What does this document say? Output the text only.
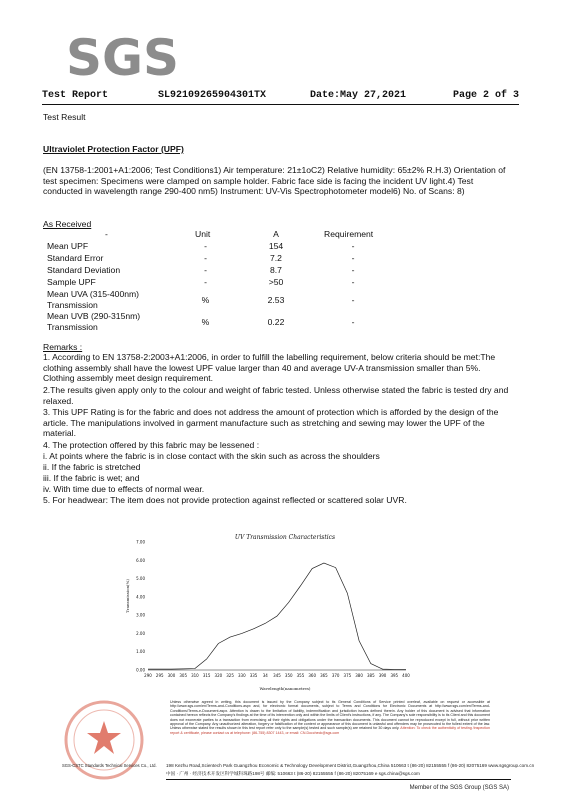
SGS
Test Report	SL92109265904301TX	Date:May 27,2021	Page 2 of 3
Test Result
Ultraviolet Protection Factor (UPF)
(EN 13758-1:2001+A1:2006; Test Conditions1) Air temperature: 21±1oC2) Relative humidity: 65±2% R.H.3) Orientation of test specimen: Specimens were clamped on sample holder. Fabric face side is facing the incident UV light.4) Test conducted in wavelength range 290-400 nm5) Instrument: UV-Vis Spectrophotometer model6) No. of Scans: 8)
As Received
-	Unit	A	Requirement
Mean UPF	-	154	-
Standard Error	-	7.2	-
Standard Deviation	-	8.7	-
Sample UPF	-	>50	-
Mean UVA (315-400nm) Transmission	%	2.53	-
Mean UVB (290-315nm) Transmission	%	0.22	-
Remarks :
1. According to EN 13758-2:2003+A1:2006, in order to fulfill the labelling requirement, below criteria should be met:The clothing assembly shall have the lowest UPF value larger than 40 and average UV-A transmission smaller than 5%. Clothing assembly meet design requirement.
2.The results given apply only to the colour and weight of fabric tested. Unless otherwise stated the fabric is tested dry and relaxed.
3. This UPF Rating is for the fabric and does not address the amount of protection which is afforded by the design of the article. The manipulations involved in garment manufacture such as stretching and sewing may lower the UPF of the material.
4. The protection offered by this fabric may be lessened :
i. At points where the fabric is in close contact with the skin such as across the shoulders
ii. If the fabric is stretched
iii. If the fabric is wet; and
iv. With time due to effects of normal wear.
5. For headwear: The item does not provide protection against reflected or scattered solar UVR.
UV Transmission Characteristics
0.00
1.00
2.00
3.00
4.00
5.00
6.00
7.00
290 295 300 305 310 315 320 325 330 335 34 345 350 355 360 365 370 375 380 385 390 395 400
Wavelength(nanometres)
Transmission(%)
Unless otherwise agreed in writing, this document is issued by the Company subject to its General Conditions of Service printed overleaf, available on request or accessible at http://www.sgs.com/en/Terms-and-Conditions.aspx and, for electronic format documents, subject to Terms and Conditions for Electronic Documents at http://www.sgs.com/en/Terms-and-Conditions/Terms-e-Document.aspx. Attention is drawn to the limitation of liability, indemnification and jurisdiction issues defined therein. Any holder of this document is advised that information contained hereon reflects the Company's findings at the time of its intervention only and within the limits of Client's instructions, if any. The Company's sole responsibility is to its Client and this document does not exonerate parties to a transaction from exercising all their rights and obligations under the transaction documents. This document cannot be reproduced except in full, without prior written approval of the Company. Any unauthorized alteration, forgery or falsification of the content or appearance of this document is unlawful and offenders may be prosecuted to the fullest extent of the law. Unless otherwise stated the results shown in this test report refer only to the sample(s) tested and such sample(s) are retained for 30 days only. Attention: To check the authenticity of testing /inspection report & certificate, please contact us at telephone: (86-755) 8307 1443, or email: CN.Doccheck@sgs.com
SGS-CSTC Standards Technical Services Co., Ltd. 198 Kezhu Road,Scientech Park Guangzhou Economic & Technology Development District,Guangzhou,China 510663 t (86-20) 82155555 f (86-20) 82075169 www.sgsgroup.com.cn
中国 · 广州 · 经济技术开发区科学城科珠路198号 邮编: 510663 t (86-20) 82155555 f (86-20) 82075169 e sgs.china@sgs.com
Member of the SGS Group (SGS SA)
